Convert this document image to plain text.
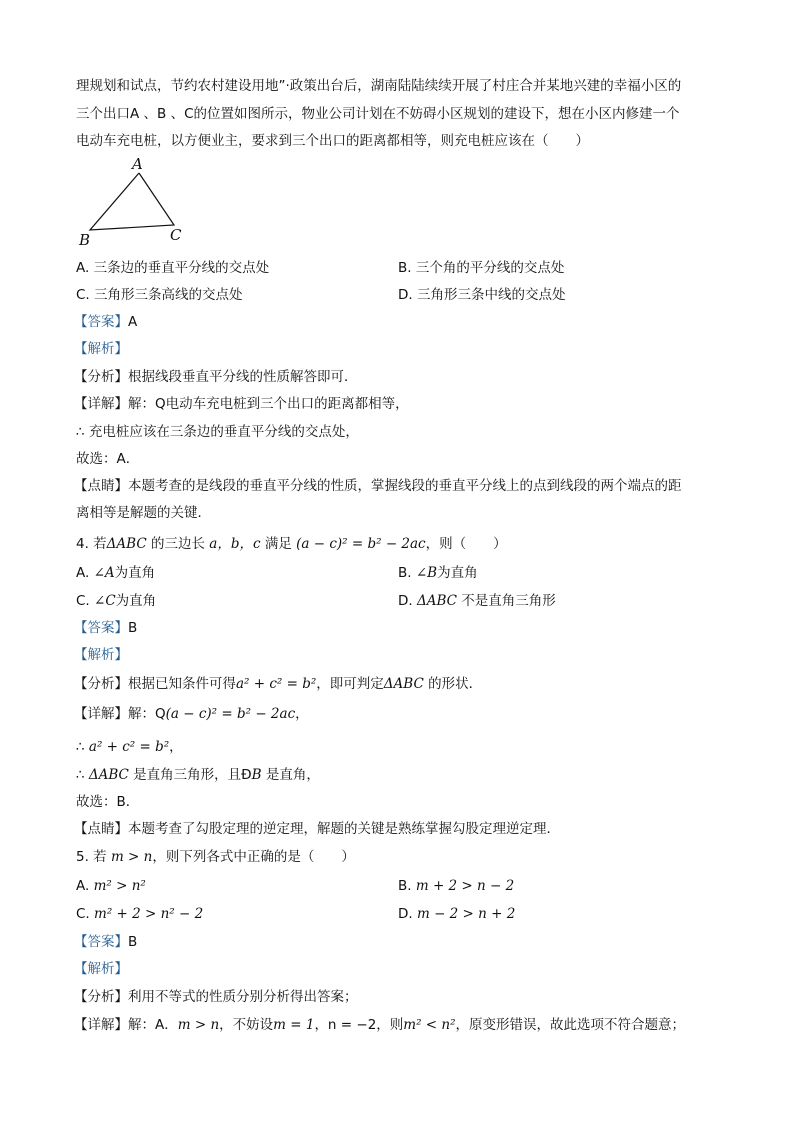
理规划和试点，节约农村建设用地”·政策出台后，湖南陆陆续续开展了村庄合并某地兴建的幸福小区的
三个出口A 、B 、C的位置如图所示，物业公司计划在不妨碍小区规划的建设下，想在小区内修建一个
电动车充电桩，以方便业主，要求到三个出口的距离都相等，则充电桩应该在（　　）
A
B	C
A. 三条边的垂直平分线的交点处	B. 三个角的平分线的交点处
C. 三角形三条高线的交点处	D. 三角形三条中线的交点处
【答案】A
【解析】
【分析】根据线段垂直平分线的性质解答即可．
【详解】解：Q电动车充电桩到三个出口的距离都相等，
∴ 充电桩应该在三条边的垂直平分线的交点处，
故选：A．
【点睛】本题考查的是线段的垂直平分线的性质，掌握线段的垂直平分线上的点到线段的两个端点的距
离相等是解题的关键．
4. 若ΔABC 的三边长 a，b，c 满足 (a − c)² = b² − 2ac，则（　　）
A. ∠A为直角	B. ∠B为直角
C. ∠C为直角	D. ΔABC 不是直角三角形
【答案】B
【解析】
【分析】根据已知条件可得a² + c² = b²，即可判定ΔABC 的形状．
【详解】解：Q(a − c)² = b² − 2ac，
∴ a² + c² = b²，
∴ ΔABC 是直角三角形，且ÐB 是直角，
故选：B．
【点睛】本题考查了勾股定理的逆定理，解题的关键是熟练掌握勾股定理逆定理．
5. 若 m > n，则下列各式中正确的是（　　）
A. m² > n²	B. m + 2 > n − 2
C. m² + 2 > n² − 2	D. m − 2 > n + 2
【答案】B
【解析】
【分析】利用不等式的性质分别分析得出答案；
【详解】解：A．m > n，不妨设m = 1，n = −2，则m² < n²，原变形错误，故此选项不符合题意；
